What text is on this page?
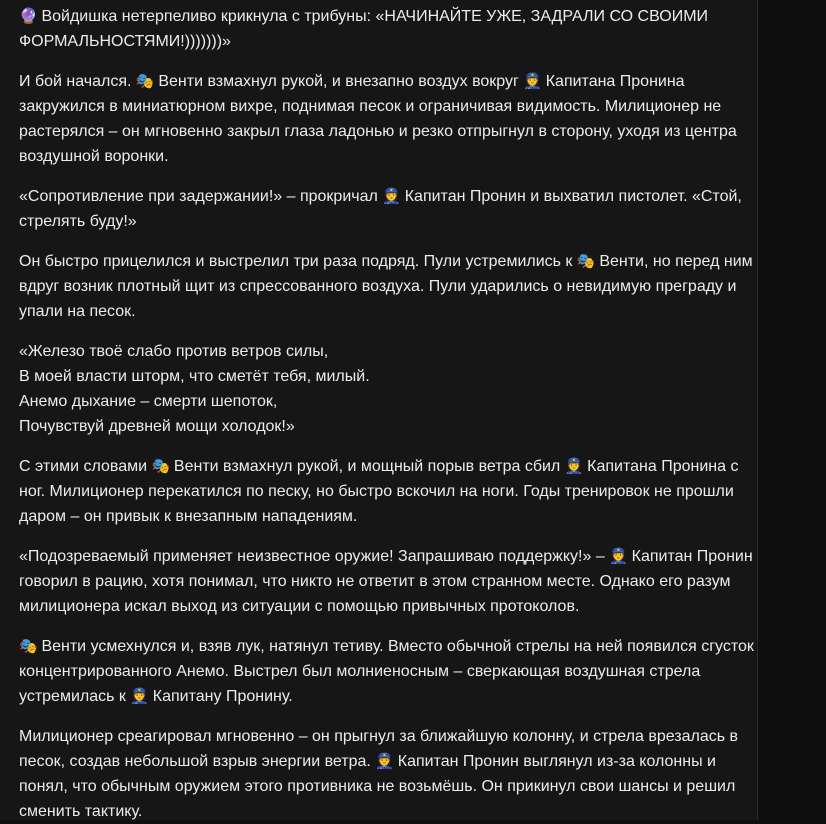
🔮 Войдишка нетерпеливо крикнула с трибуны: «НАЧИНАЙТЕ УЖЕ, ЗАДРАЛИ СО СВОИМИ ФОРМАЛЬНОСТЯМИ!)))))))»

И бой начался. 🎭 Венти взмахнул рукой, и внезапно воздух вокруг 👮 Капитана Пронина закружился в миниатюрном вихре, поднимая песок и ограничивая видимость. Милиционер не растерялся – он мгновенно закрыл глаза ладонью и резко отпрыгнул в сторону, уходя из центра воздушной воронки.

«Сопротивление при задержании!» – прокричал 👮 Капитан Пронин и выхватил пистолет. «Стой, стрелять буду!»

Он быстро прицелился и выстрелил три раза подряд. Пули устремились к 🎭 Венти, но перед ним вдруг возник плотный щит из спрессованного воздуха. Пули ударились о невидимую преграду и упали на песок.

«Железо твоё слабо против ветров силы,
В моей власти шторм, что сметёт тебя, милый.
Анемо дыхание – смерти шепоток,
Почувствуй древней мощи холодок!»

С этими словами 🎭 Венти взмахнул рукой, и мощный порыв ветра сбил 👮 Капитана Пронина с ног. Милиционер перекатился по песку, но быстро вскочил на ноги. Годы тренировок не прошли даром – он привык к внезапным нападениям.

«Подозреваемый применяет неизвестное оружие! Запрашиваю поддержку!» – 👮 Капитан Пронин говорил в рацию, хотя понимал, что никто не ответит в этом странном месте. Однако его разум милиционера искал выход из ситуации с помощью привычных протоколов.

🎭 Венти усмехнулся и, взяв лук, натянул тетиву. Вместо обычной стрелы на ней появился сгусток концентрированного Анемо. Выстрел был молниеносным – сверкающая воздушная стрела устремилась к 👮 Капитану Пронину.

Милиционер среагировал мгновенно – он прыгнул за ближайшую колонну, и стрела врезалась в песок, создав небольшой взрыв энергии ветра. 👮 Капитан Пронин выглянул из-за колонны и понял, что обычным оружием этого противника не возьмёшь. Он прикинул свои шансы и решил сменить тактику.
